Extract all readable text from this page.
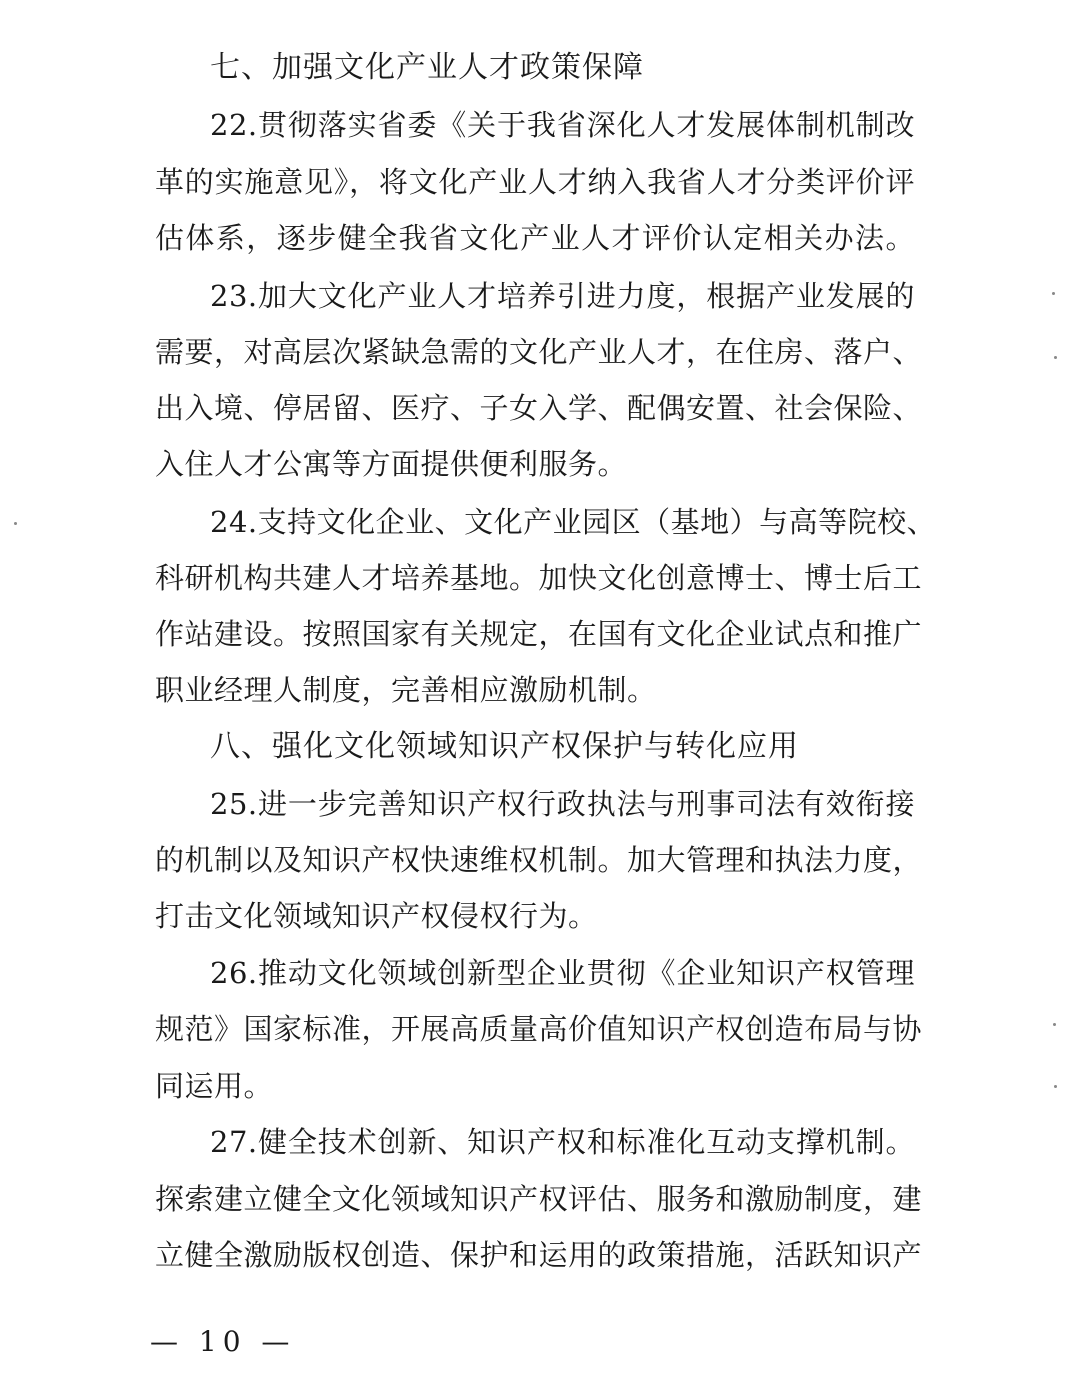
七、加强文化产业人才政策保障
22.贯彻落实省委《关于我省深化人才发展体制机制改
革的实施意见》，将文化产业人才纳入我省人才分类评价评
估体系，逐步健全我省文化产业人才评价认定相关办法。
23.加大文化产业人才培养引进力度，根据产业发展的
需要，对高层次紧缺急需的文化产业人才，在住房、落户、
出入境、停居留、医疗、子女入学、配偶安置、社会保险、
入住人才公寓等方面提供便利服务。
24.支持文化企业、文化产业园区（基地）与高等院校、
科研机构共建人才培养基地。加快文化创意博士、博士后工
作站建设。按照国家有关规定，在国有文化企业试点和推广
职业经理人制度，完善相应激励机制。
八、强化文化领域知识产权保护与转化应用
25.进一步完善知识产权行政执法与刑事司法有效衔接
的机制以及知识产权快速维权机制。加大管理和执法力度，
打击文化领域知识产权侵权行为。
26.推动文化领域创新型企业贯彻《企业知识产权管理
规范》国家标准，开展高质量高价值知识产权创造布局与协
同运用。
27.健全技术创新、知识产权和标准化互动支撑机制。
探索建立健全文化领域知识产权评估、服务和激励制度，建
立健全激励版权创造、保护和运用的政策措施，活跃知识产
— 10 —
